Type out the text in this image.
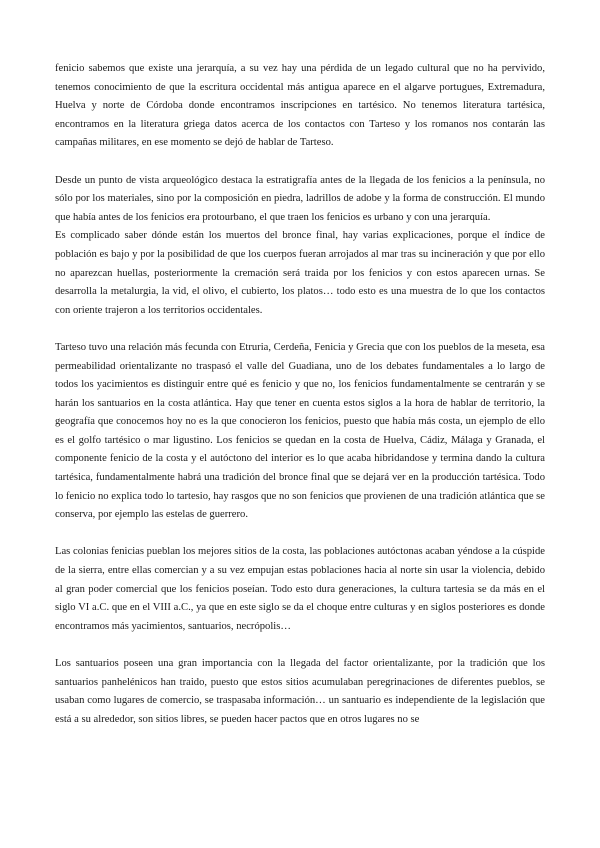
fenicio sabemos que existe una jerarquía, a su vez hay una pérdida de un legado cultural que no ha pervivido, tenemos conocimiento de que la escritura occidental más antigua aparece en el algarve portugues, Extremadura, Huelva y norte de Córdoba donde encontramos inscripciones en tartésico. No tenemos literatura tartésica, encontramos en la literatura griega datos acerca de los contactos con Tarteso y los romanos nos contarán las campañas militares, en ese momento se dejó de hablar de Tarteso.

Desde un punto de vista arqueológico destaca la estratigrafía antes de la llegada de los fenicios a la península, no sólo por los materiales, sino por la composición en piedra, ladrillos de adobe y la forma de construcción. El mundo que había antes de los fenicios era protourbano, el que traen los fenicios es urbano y con una jerarquía.

Es complicado saber dónde están los muertos del bronce final, hay varias explicaciones, porque el índice de población es bajo y por la posibilidad de que los cuerpos fueran arrojados al mar tras su incineración y que por ello no aparezcan huellas, posteriormente la cremación será traida por los fenicios y con estos aparecen urnas. Se desarrolla la metalurgia, la vid, el olivo, el cubierto, los platos… todo esto es una muestra de lo que los contactos con oriente trajeron a los territorios occidentales.

Tarteso tuvo una relación más fecunda con Etruria, Cerdeña, Fenicia y Grecia que con los pueblos de la meseta, esa permeabilidad orientalizante no traspasó el valle del Guadiana, uno de los debates fundamentales a lo largo de todos los yacimientos es distinguir entre qué es fenicio y que no, los fenicios fundamentalmente se centrarán y se harán los santuarios en la costa atlántica. Hay que tener en cuenta estos siglos a la hora de hablar de territorio, la geografía que conocemos hoy no es la que conocieron los fenicios, puesto que había más costa, un ejemplo de ello es el golfo tartésico o mar ligustino. Los fenicios se quedan en la costa de Huelva, Cádiz, Málaga y Granada, el componente fenicio de la costa y el autóctono del interior es lo que acaba hibridandose y termina dando la cultura tartésica, fundamentalmente habrá una tradición del bronce final que se dejará ver en la producción tartésica. Todo lo fenicio no explica todo lo tartesio, hay rasgos que no son fenicios que provienen de una tradición atlántica que se conserva, por ejemplo las estelas de guerrero.

Las colonias fenicias pueblan los mejores sitios de la costa, las poblaciones autóctonas acaban yéndose a la cúspide de la sierra, entre ellas comercian y a su vez empujan estas poblaciones hacia al norte sin usar la violencia, debido al gran poder comercial que los fenicios poseían. Todo esto dura generaciones, la cultura tartesia se da más en el siglo VI a.C. que en el VIII a.C., ya que en este siglo se da el choque entre culturas y en siglos posteriores es donde encontramos más yacimientos, santuarios, necrópolis…

Los santuarios poseen una gran importancia con la llegada del factor orientalizante, por la tradición que los santuarios panhelénicos han traido, puesto que estos sitios acumulaban peregrinaciones de diferentes pueblos, se usaban como lugares de comercio, se traspasaba información… un santuario es independiente de la legislación que está a su alrededor, son sitios libres, se pueden hacer pactos que en otros lugares no se
